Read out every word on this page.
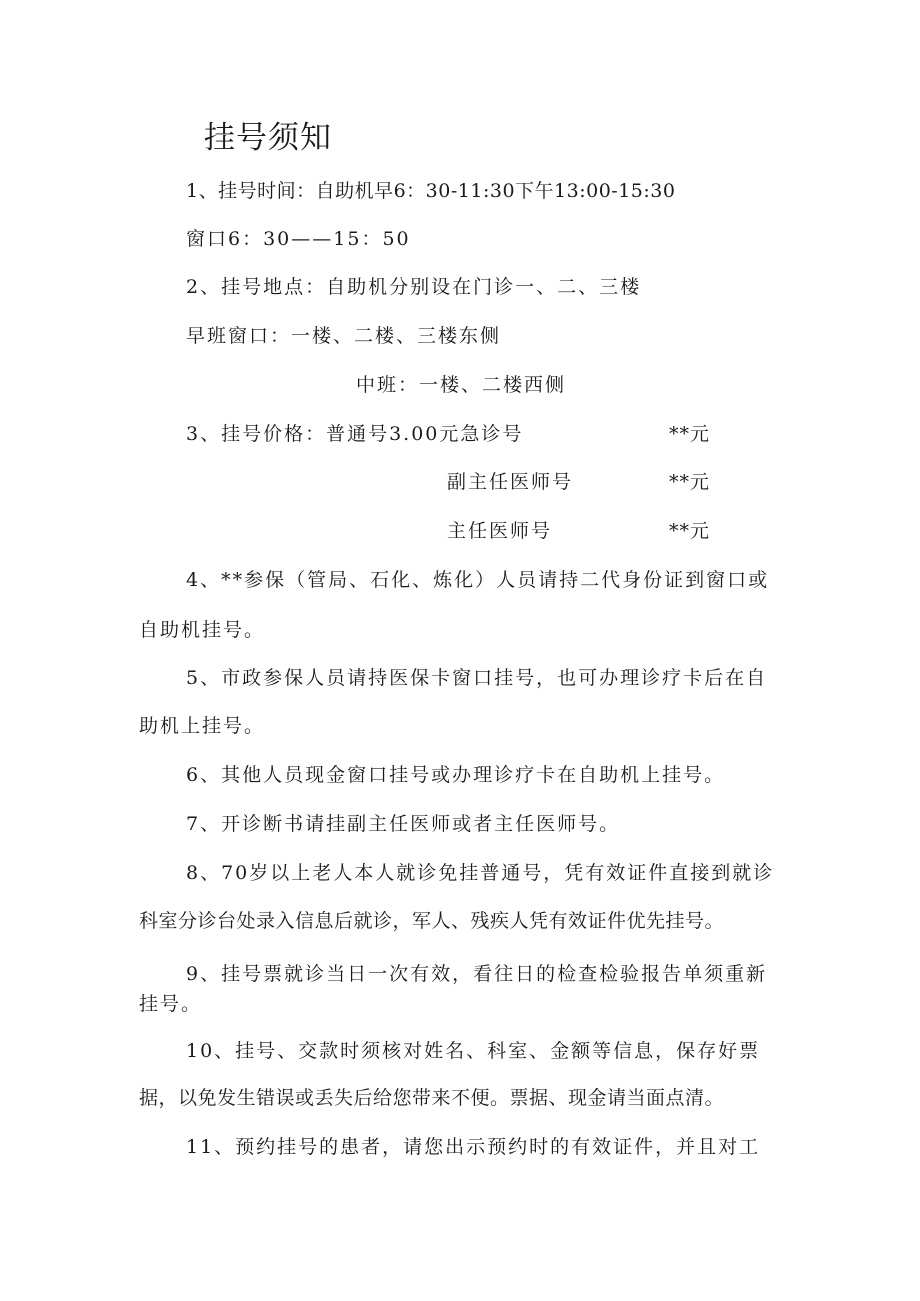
挂号须知
1、挂号时间：自助机早6：30-11:30下午13:00-15:30
窗口6：30——15：50
2、挂号地点：自助机分别设在门诊一、二、三楼
早班窗口：一楼、二楼、三楼东侧
中班：一楼、二楼西侧
3、挂号价格：普通号3.00元急诊号	**元
副主任医师号	**元
主任医师号	**元
4、**参保（管局、石化、炼化）人员请持二代身份证到窗口或
自助机挂号。
5、市政参保人员请持医保卡窗口挂号，也可办理诊疗卡后在自
助机上挂号。
6、其他人员现金窗口挂号或办理诊疗卡在自助机上挂号。
7、开诊断书请挂副主任医师或者主任医师号。
8、70岁以上老人本人就诊免挂普通号，凭有效证件直接到就诊
科室分诊台处录入信息后就诊，军人、残疾人凭有效证件优先挂号。
9、挂号票就诊当日一次有效，看往日的检查检验报告单须重新
挂号。
10、挂号、交款时须核对姓名、科室、金额等信息，保存好票
据，以免发生错误或丢失后给您带来不便。票据、现金请当面点清。
11、预约挂号的患者，请您出示预约时的有效证件，并且对工
